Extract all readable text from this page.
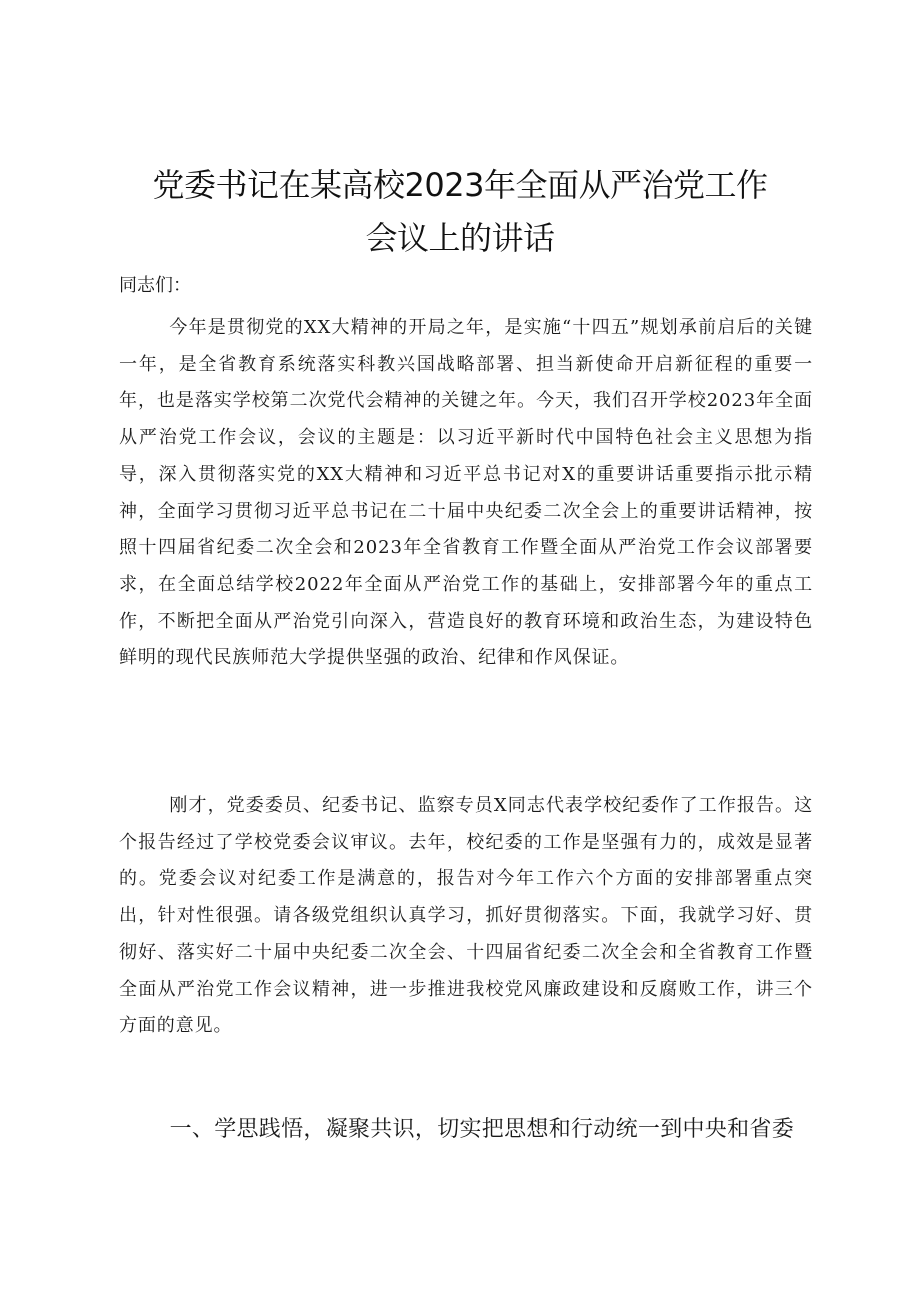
党委书记在某高校2023年全面从严治党工作
会议上的讲话

同志们：

今年是贯彻党的XX大精神的开局之年，是实施“十四五”规划承前启后的关键一年，是全省教育系统落实科教兴国战略部署、担当新使命开启新征程的重要一年，也是落实学校第二次党代会精神的关键之年。今天，我们召开学校2023年全面从严治党工作会议，会议的主题是：以习近平新时代中国特色社会主义思想为指导，深入贯彻落实党的XX大精神和习近平总书记对X的重要讲话重要指示批示精神，全面学习贯彻习近平总书记在二十届中央纪委二次全会上的重要讲话精神，按照十四届省纪委二次全会和2023年全省教育工作暨全面从严治党工作会议部署要求，在全面总结学校2022年全面从严治党工作的基础上，安排部署今年的重点工作，不断把全面从严治党引向深入，营造良好的教育环境和政治生态，为建设特色鲜明的现代民族师范大学提供坚强的政治、纪律和作风保证。

刚才，党委委员、纪委书记、监察专员X同志代表学校纪委作了工作报告。这个报告经过了学校党委会议审议。去年，校纪委的工作是坚强有力的，成效是显著的。党委会议对纪委工作是满意的，报告对今年工作六个方面的安排部署重点突出，针对性很强。请各级党组织认真学习，抓好贯彻落实。下面，我就学习好、贯彻好、落实好二十届中央纪委二次全会、十四届省纪委二次全会和全省教育工作暨全面从严治党工作会议精神，进一步推进我校党风廉政建设和反腐败工作，讲三个方面的意见。

一、学思践悟，凝聚共识，切实把思想和行动统一到中央和省委
